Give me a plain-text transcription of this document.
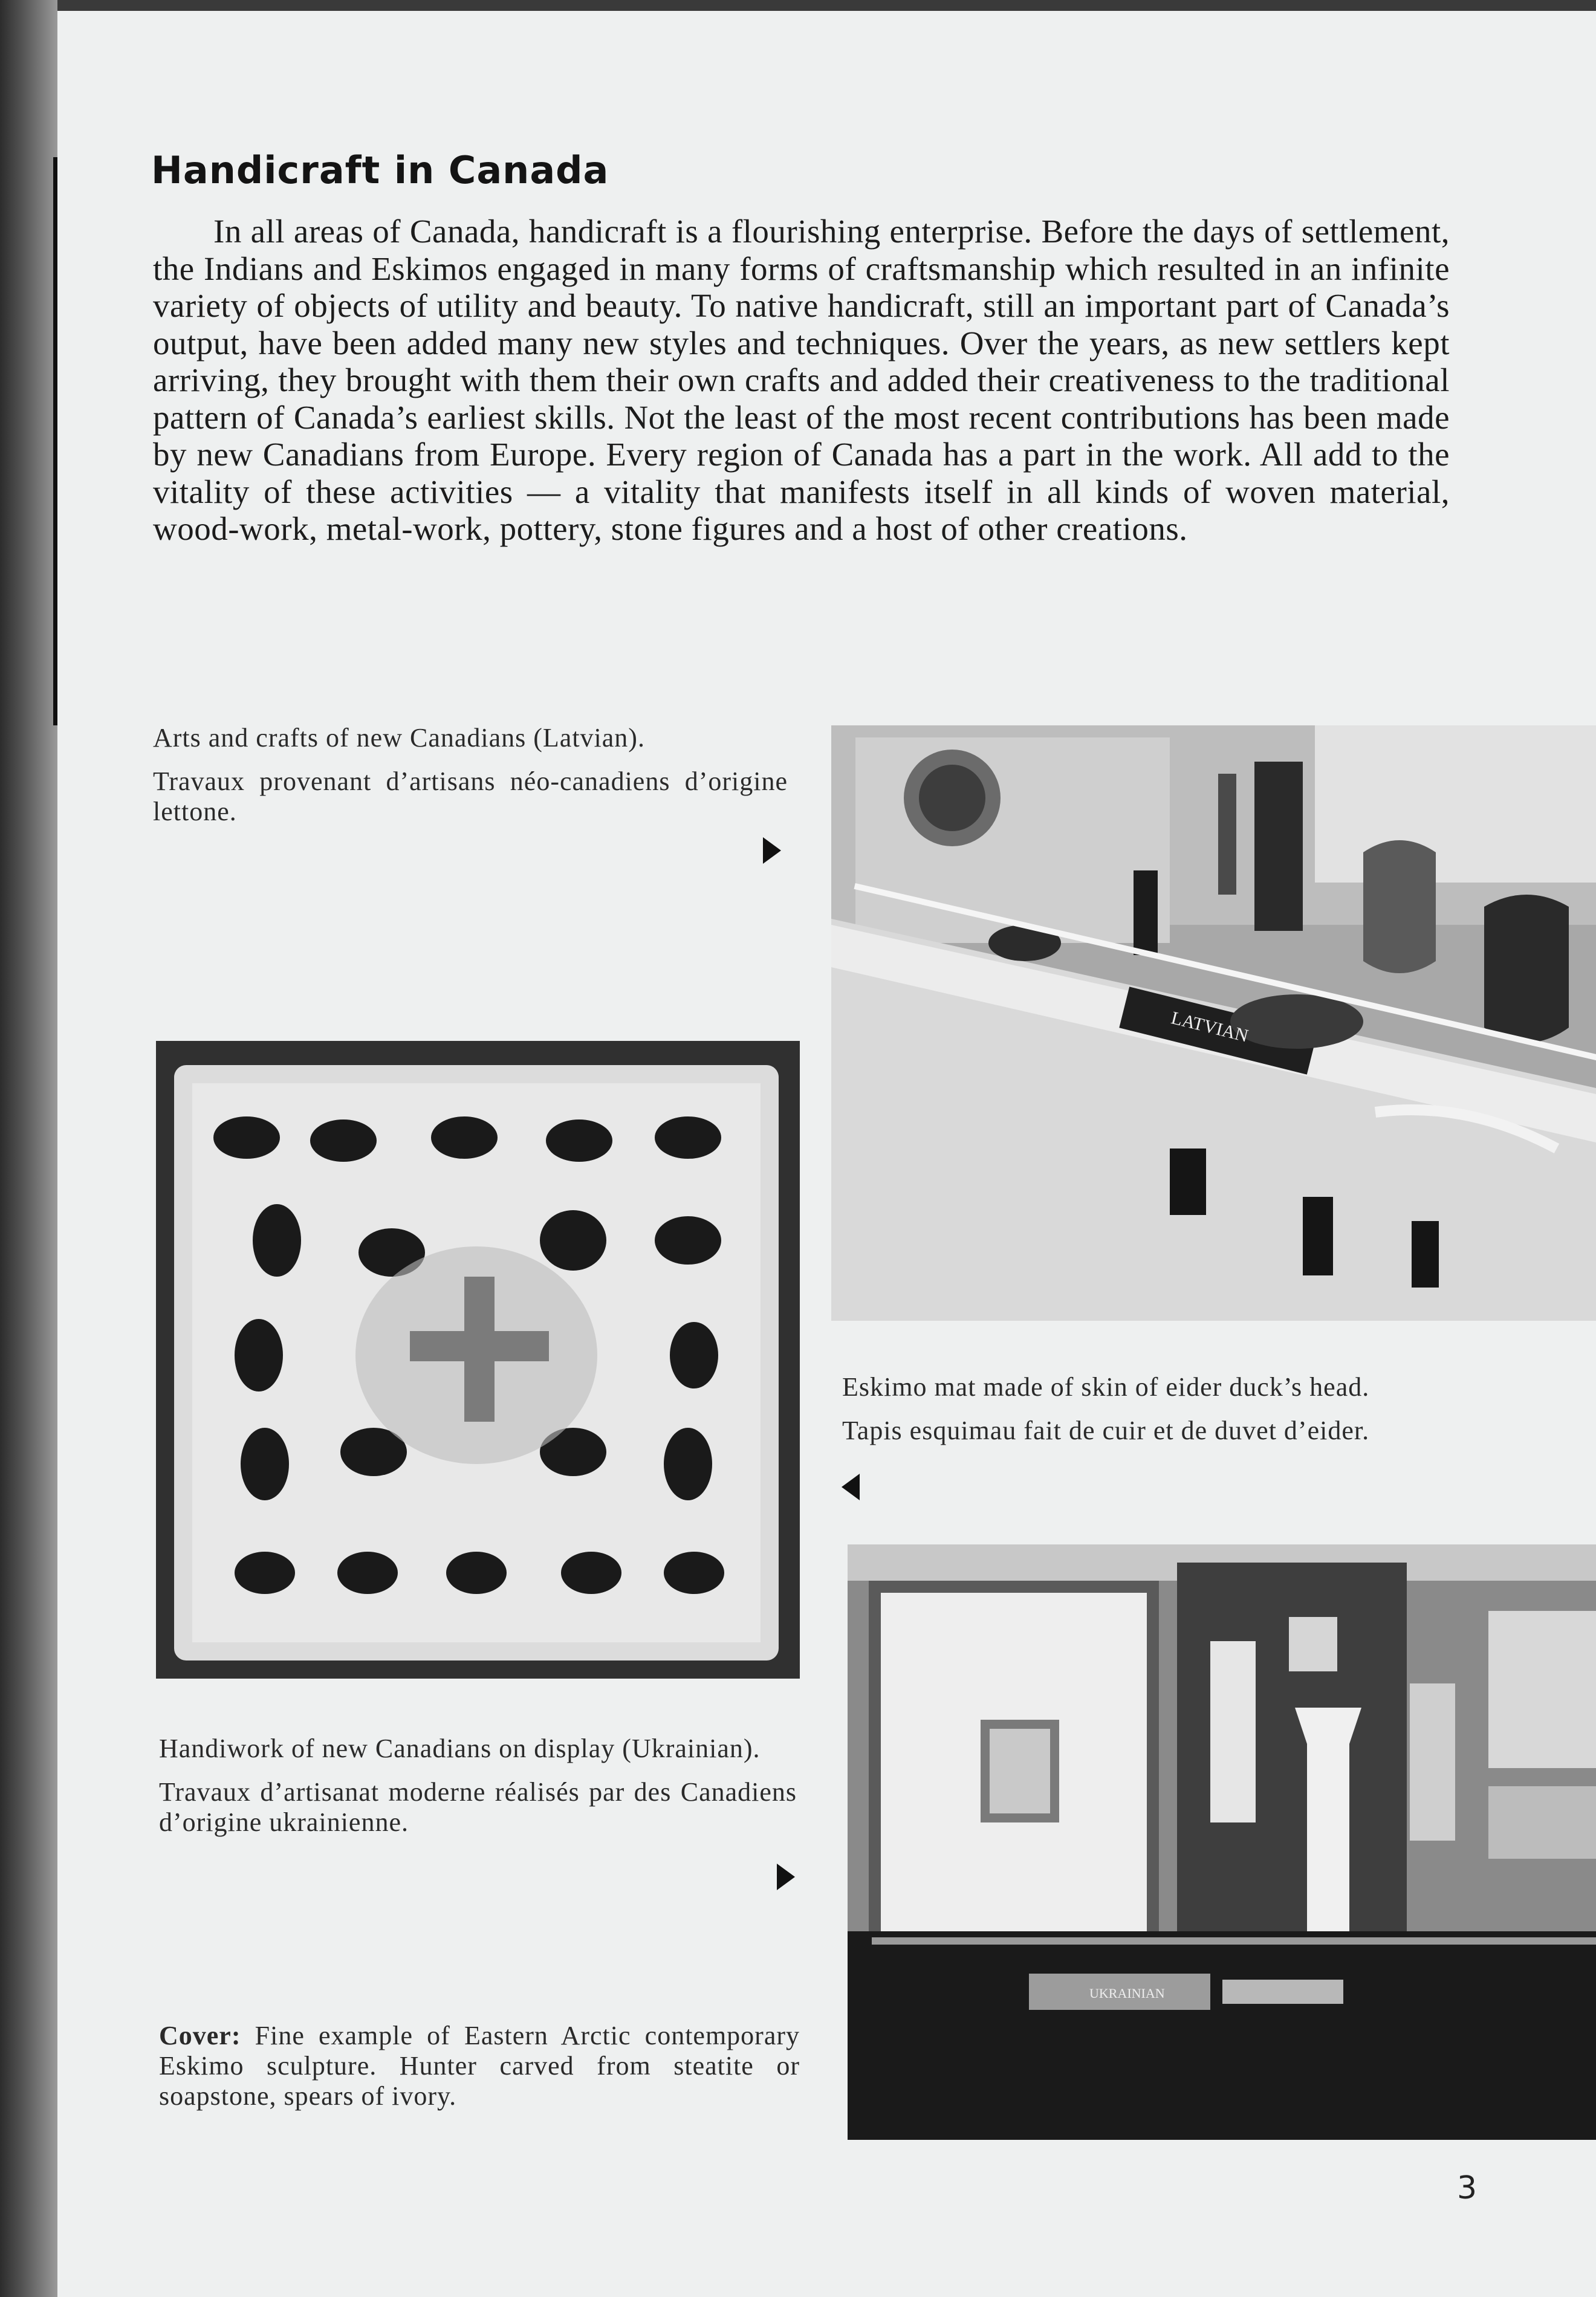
Handicraft in Canada
In all areas of Canada, handicraft is a flourishing enterprise. Before the days of settlement, the Indians and Eskimos engaged in many forms of craftsmanship which resulted in an infinite variety of objects of utility and beauty. To native handicraft, still an important part of Canada’s output, have been added many new styles and techniques. Over the years, as new settlers kept arriving, they brought with them their own crafts and added their creativeness to the traditional pattern of Canada’s earliest skills. Not the least of the most recent contributions has been made by new Canadians from Europe. Every region of Canada has a part in the work. All add to the vitality of these activities — a vitality that manifests itself in all kinds of woven material, wood-work, metal-work, pottery, stone figures and a host of other creations.

Arts and crafts of new Canadians (Latvian).

Travaux provenant d’artisans néo-canadiens d’origine lettone.

LATVIAN

Eskimo mat made of skin of eider duck’s head.

Tapis esquimau fait de cuir et de duvet d’eider.

Handiwork of new Canadians on display (Ukrainian).

Travaux d’artisanat moderne réalisés par des Canadiens d’origine ukrainienne.

UKRAINIAN

Cover: Fine example of Eastern Arctic contemporary Eskimo sculpture. Hunter carved from steatite or soapstone, spears of ivory.

3
